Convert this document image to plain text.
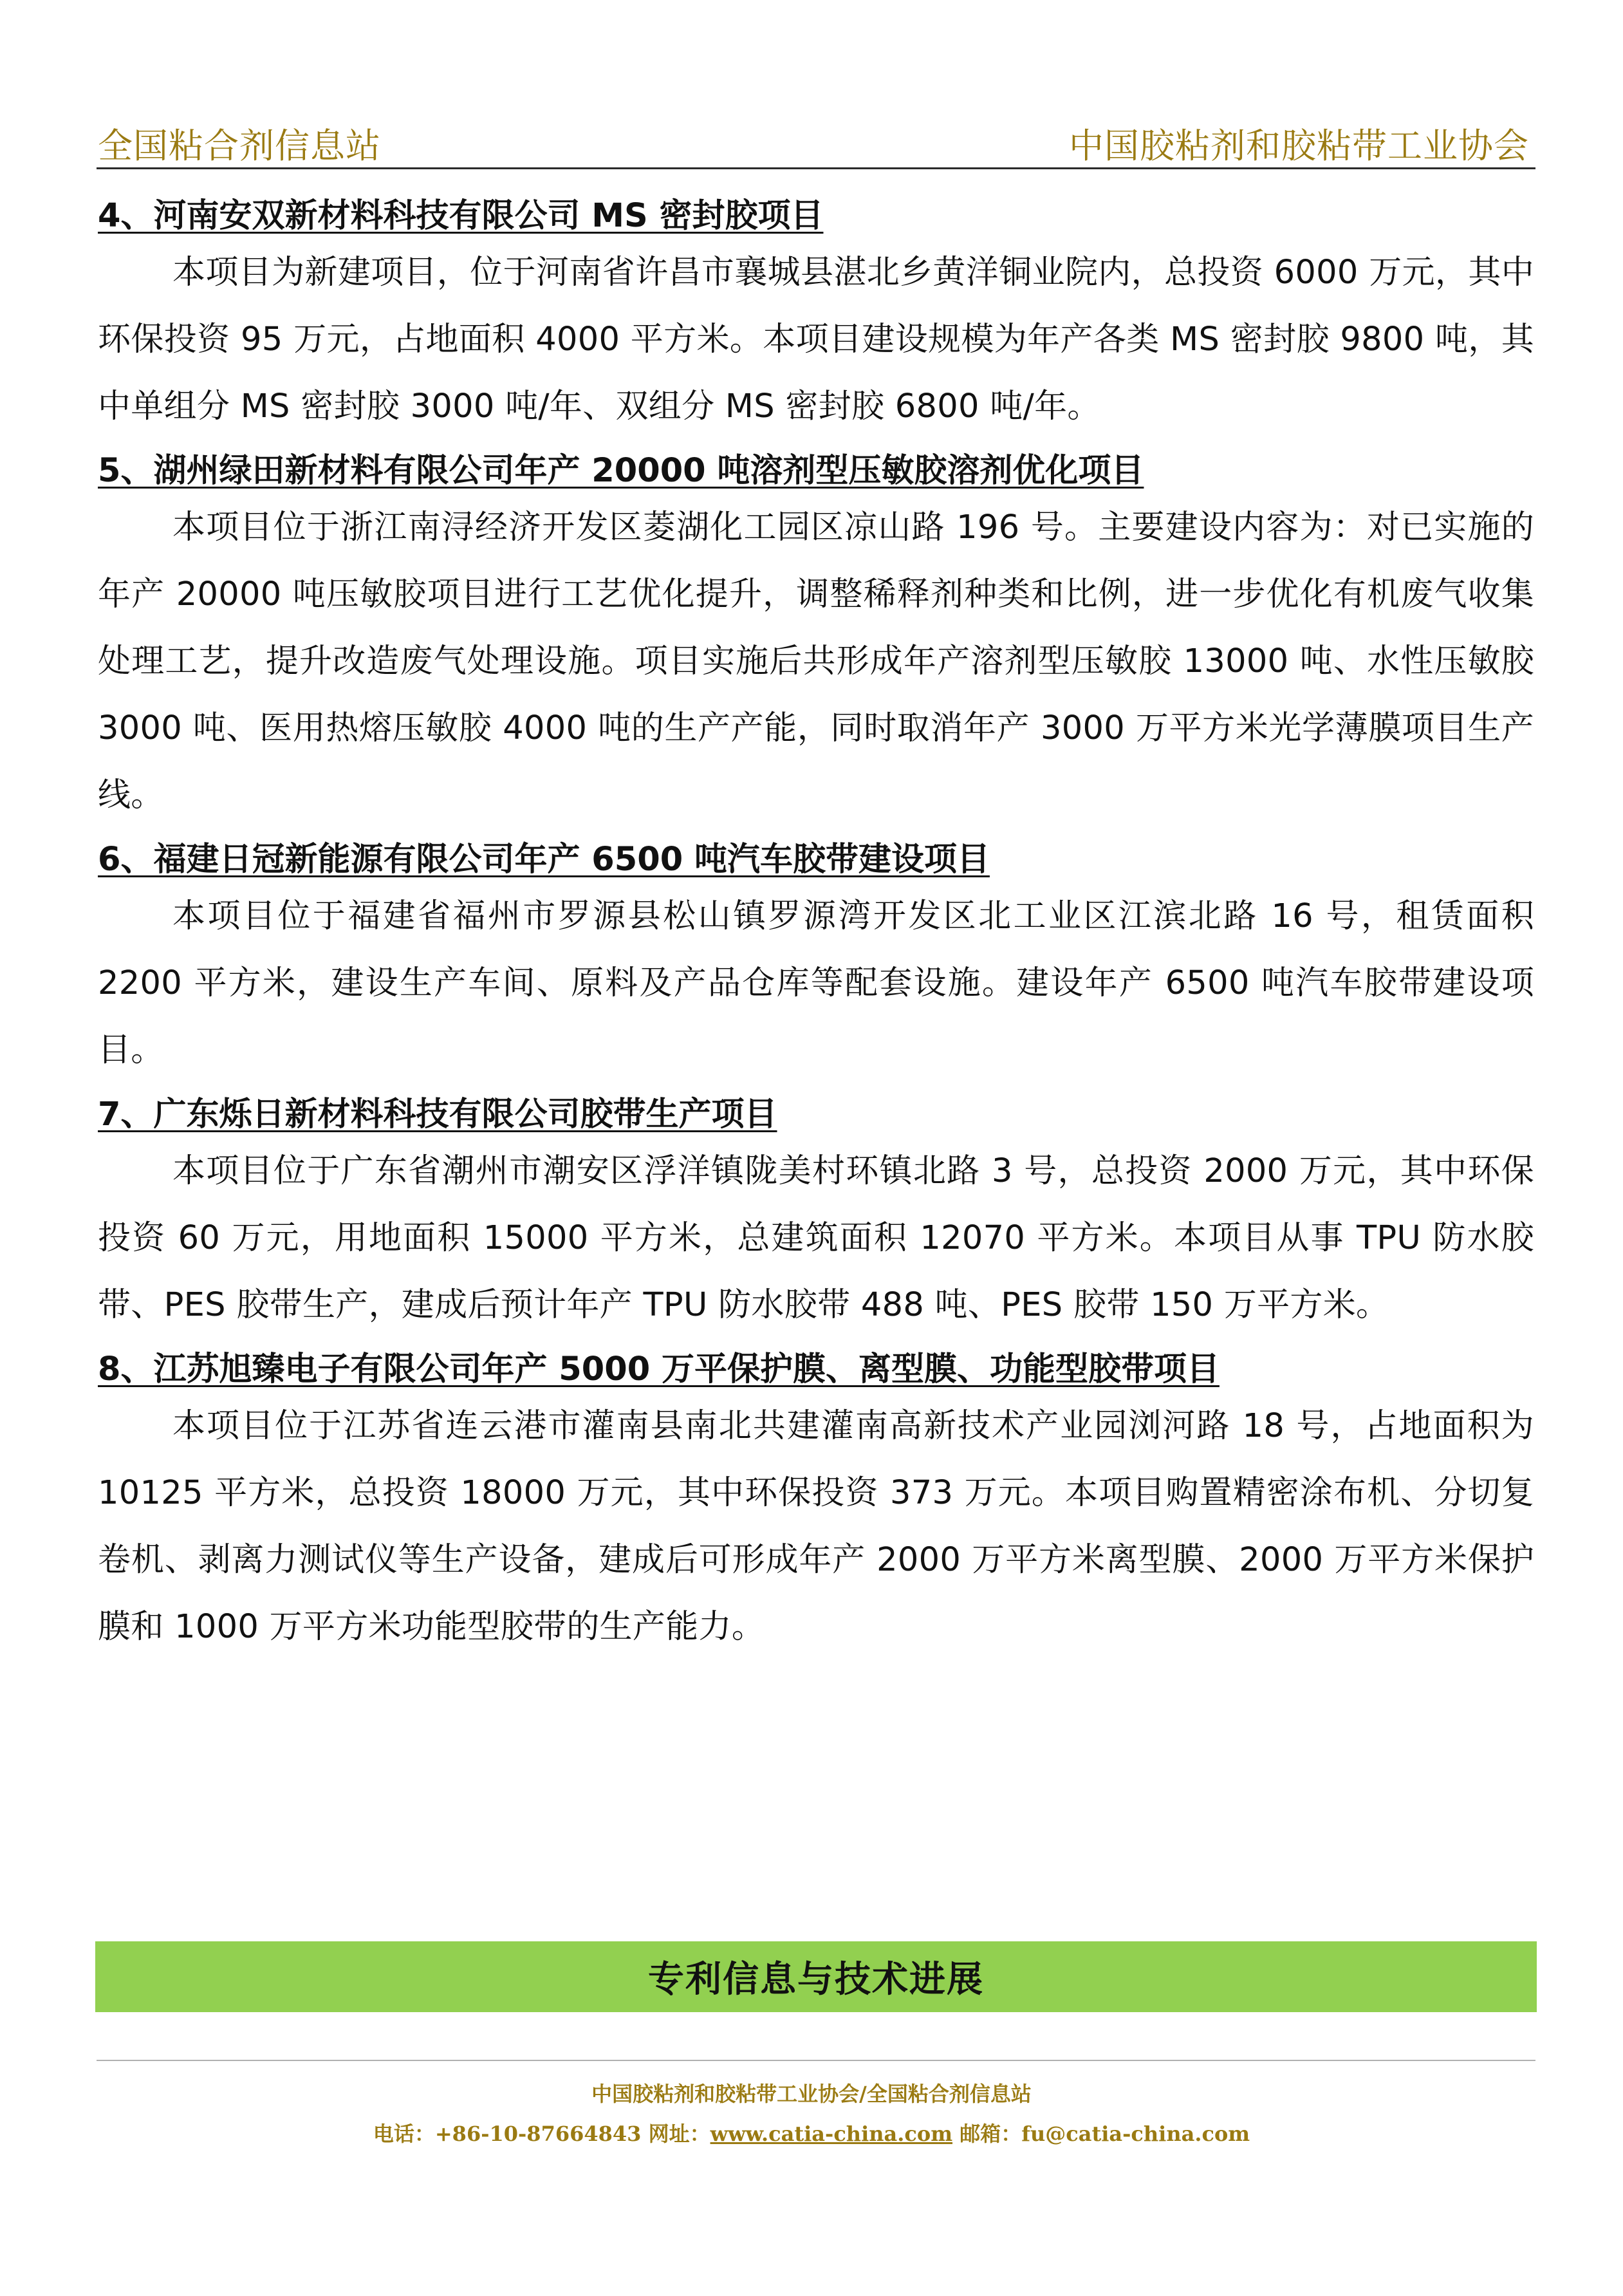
全国粘合剂信息站	中国胶粘剂和胶粘带工业协会
4、河南安双新材料科技有限公司 MS 密封胶项目

本项目为新建项目，位于河南省许昌市襄城县湛北乡黄洋铜业院内，总投资 6000 万元，其中环保投资 95 万元，占地面积 4000 平方米。本项目建设规模为年产各类 MS 密封胶 9800 吨，其中单组分 MS 密封胶 3000 吨/年、双组分 MS 密封胶 6800 吨/年。

5、湖州绿田新材料有限公司年产 20000 吨溶剂型压敏胶溶剂优化项目

本项目位于浙江南浔经济开发区菱湖化工园区凉山路 196 号。主要建设内容为：对已实施的年产 20000 吨压敏胶项目进行工艺优化提升，调整稀释剂种类和比例，进一步优化有机废气收集处理工艺，提升改造废气处理设施。项目实施后共形成年产溶剂型压敏胶 13000 吨、水性压敏胶 3000 吨、医用热熔压敏胶 4000 吨的生产产能，同时取消年产 3000 万平方米光学薄膜项目生产线。

6、福建日冠新能源有限公司年产 6500 吨汽车胶带建设项目

本项目位于福建省福州市罗源县松山镇罗源湾开发区北工业区江滨北路 16 号，租赁面积 2200 平方米，建设生产车间、原料及产品仓库等配套设施。建设年产 6500 吨汽车胶带建设项目。

7、广东烁日新材料科技有限公司胶带生产项目

本项目位于广东省潮州市潮安区浮洋镇陇美村环镇北路 3 号，总投资 2000 万元，其中环保投资 60 万元，用地面积 15000 平方米，总建筑面积 12070 平方米。本项目从事 TPU 防水胶带、PES 胶带生产，建成后预计年产 TPU 防水胶带 488 吨、PES 胶带 150 万平方米。

8、江苏旭臻电子有限公司年产 5000 万平保护膜、离型膜、功能型胶带项目

本项目位于江苏省连云港市灌南县南北共建灌南高新技术产业园浏河路 18 号，占地面积为 10125 平方米，总投资 18000 万元，其中环保投资 373 万元。本项目购置精密涂布机、分切复卷机、剥离力测试仪等生产设备，建成后可形成年产 2000 万平方米离型膜、2000 万平方米保护膜和 1000 万平方米功能型胶带的生产能力。

专利信息与技术进展
中国胶粘剂和胶粘带工业协会/全国粘合剂信息站
电话：+86-10-87664843 网址：www.catia-china.com 邮箱：fu@catia-china.com
